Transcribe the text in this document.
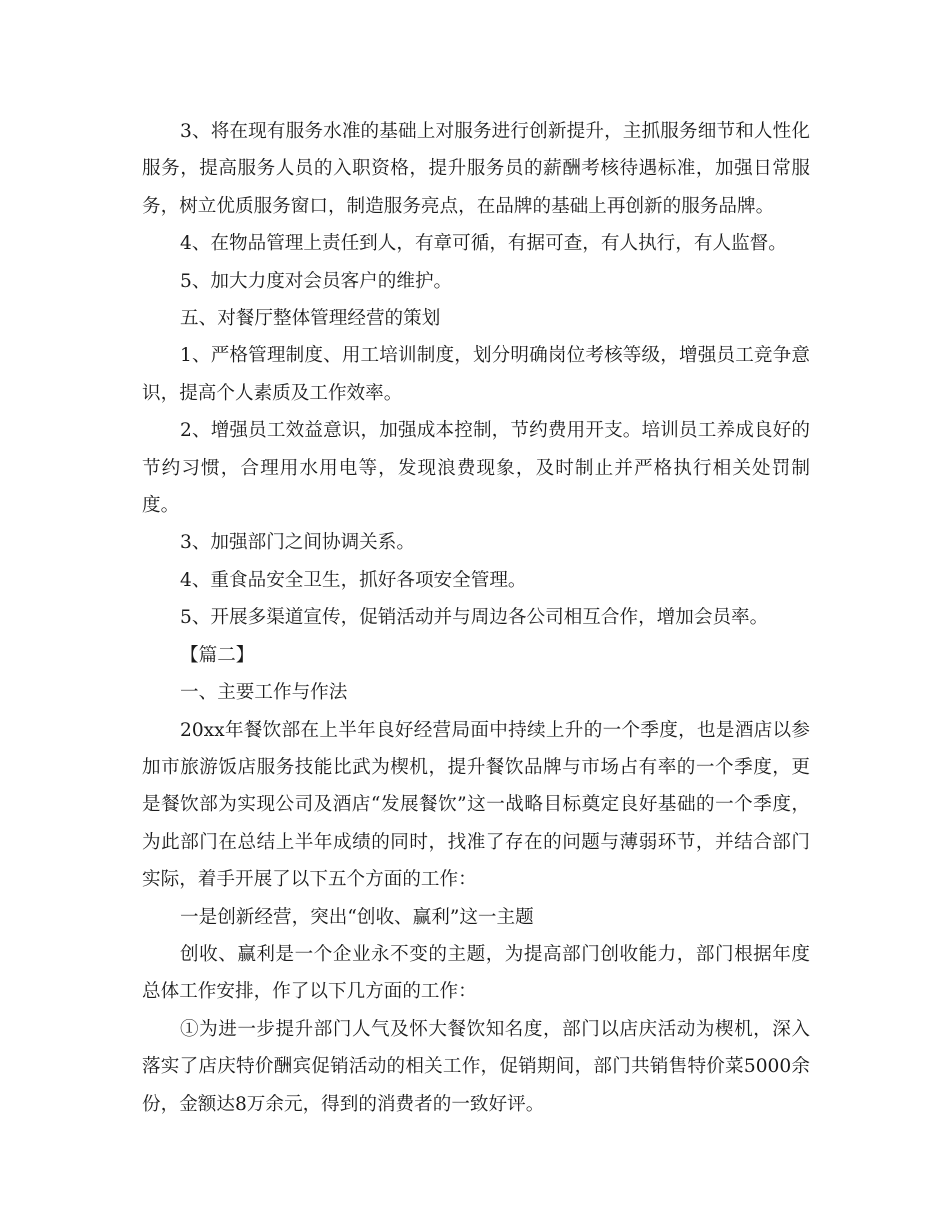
3、将在现有服务水准的基础上对服务进行创新提升，主抓服务细节和人性化服务，提高服务人员的入职资格，提升服务员的薪酬考核待遇标准，加强日常服务，树立优质服务窗口，制造服务亮点，在品牌的基础上再创新的服务品牌。

4、在物品管理上责任到人，有章可循，有据可查，有人执行，有人监督。

5、加大力度对会员客户的维护。

五、对餐厅整体管理经营的策划

1、严格管理制度、用工培训制度，划分明确岗位考核等级，增强员工竞争意识，提高个人素质及工作效率。

2、增强员工效益意识，加强成本控制，节约费用开支。培训员工养成良好的节约习惯，合理用水用电等，发现浪费现象，及时制止并严格执行相关处罚制度。

3、加强部门之间协调关系。

4、重食品安全卫生，抓好各项安全管理。

5、开展多渠道宣传，促销活动并与周边各公司相互合作，增加会员率。

【篇二】

一、主要工作与作法

20xx年餐饮部在上半年良好经营局面中持续上升的一个季度，也是酒店以参加市旅游饭店服务技能比武为楔机，提升餐饮品牌与市场占有率的一个季度，更是餐饮部为实现公司及酒店“发展餐饮”这一战略目标奠定良好基础的一个季度，为此部门在总结上半年成绩的同时，找准了存在的问题与薄弱环节，并结合部门实际，着手开展了以下五个方面的工作：

一是创新经营，突出“创收、赢利”这一主题

创收、赢利是一个企业永不变的主题，为提高部门创收能力，部门根据年度总体工作安排，作了以下几方面的工作：

①为进一步提升部门人气及怀大餐饮知名度，部门以店庆活动为楔机，深入落实了店庆特价酬宾促销活动的相关工作，促销期间，部门共销售特价菜5000余份，金额达8万余元，得到的消费者的一致好评。
